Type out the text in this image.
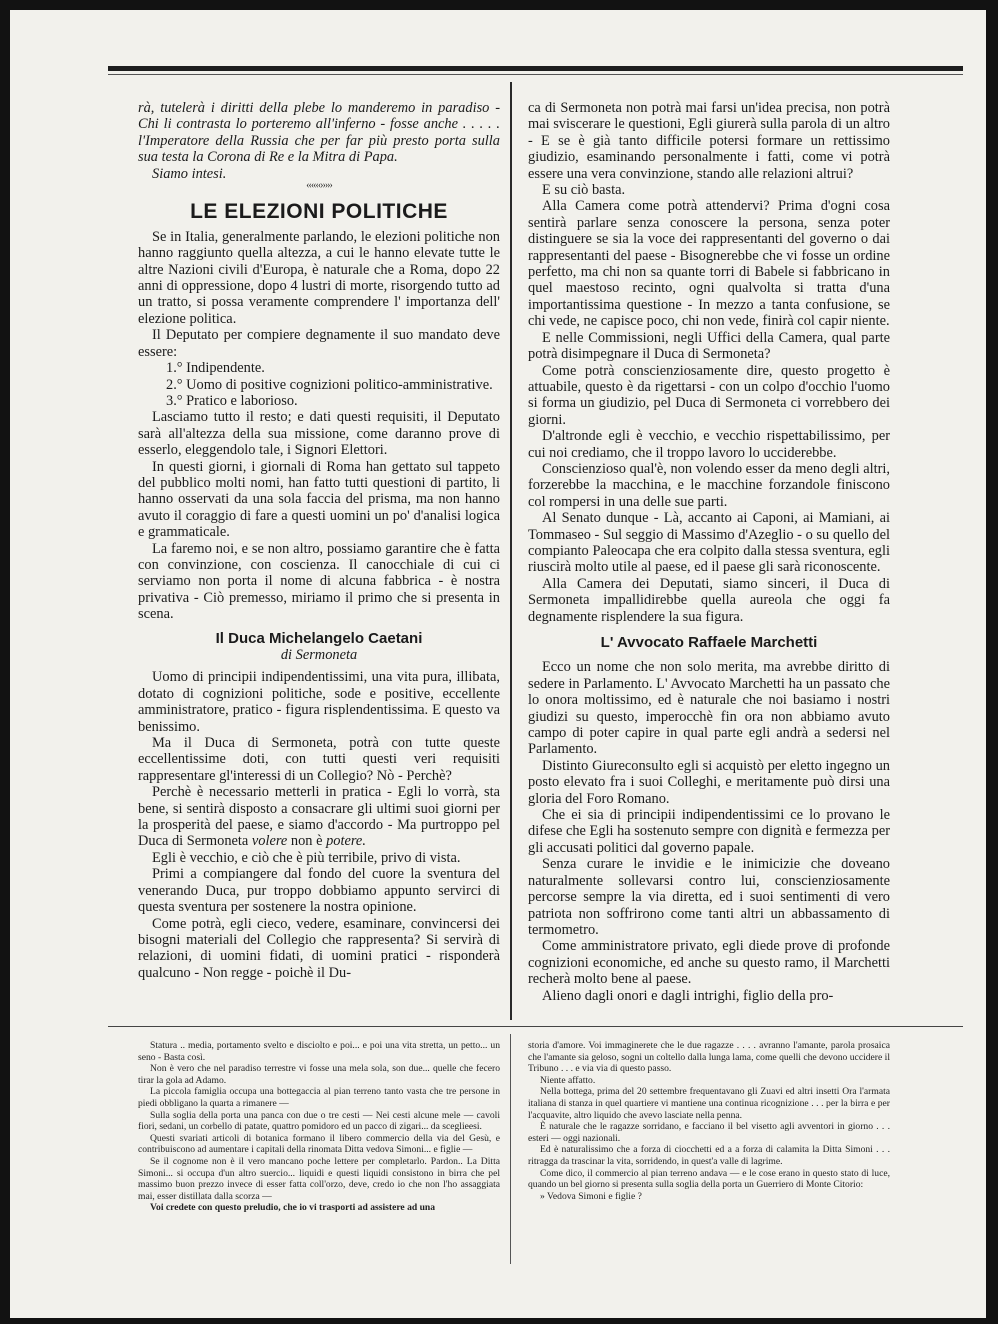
rà, tutelerà i diritti della plebe lo manderemo in paradiso - Chi li contrasta lo porteremo all'inferno - fosse anche . . . . . l'Imperatore della Russia che per far più presto porta sulla sua testa la Corona di Re e la Mitra di Papa.

Siamo intesi.

‹‹‹‹‹‹›››››
LE ELEZIONI POLITICHE

Se in Italia, generalmente parlando, le elezioni politiche non hanno raggiunto quella altezza, a cui le hanno elevate tutte le altre Nazioni civili d'Europa, è naturale che a Roma, dopo 22 anni di oppressione, dopo 4 lustri di morte, risorgendo tutto ad un tratto, si possa veramente comprendere l' importanza dell' elezione politica.

Il Deputato per compiere degnamente il suo mandato deve essere:

1.° Indipendente.

2.° Uomo di positive cognizioni politico-amministrative.

3.° Pratico e laborioso.

Lasciamo tutto il resto; e dati questi requisiti, il Deputato sarà all'altezza della sua missione, come daranno prove di esserlo, eleggendolo tale, i Signori Elettori.

In questi giorni, i giornali di Roma han gettato sul tappeto del pubblico molti nomi, han fatto tutti questioni di partito, li hanno osservati da una sola faccia del prisma, ma non hanno avuto il coraggio di fare a questi uomini un po' d'analisi logica e grammaticale.

La faremo noi, e se non altro, possiamo garantire che è fatta con convinzione, con coscienza. Il canocchiale di cui ci serviamo non porta il nome di alcuna fabbrica - è nostra privativa - Ciò premesso, miriamo il primo che si presenta in scena.

Il Duca Michelangelo Caetani
di Sermoneta

Uomo di principii indipendentissimi, una vita pura, illibata, dotato di cognizioni politiche, sode e positive, eccellente amministratore, pratico - figura risplendentissima. E questo va benissimo.

Ma il Duca di Sermoneta, potrà con tutte queste eccellentissime doti, con tutti questi veri requisiti rappresentare gl'interessi di un Collegio? Nò - Perchè?

Perchè è necessario metterli in pratica - Egli lo vorrà, sta bene, si sentirà disposto a consacrare gli ultimi suoi giorni per la prosperità del paese, e siamo d'accordo - Ma purtroppo pel Duca di Sermoneta volere non è potere.

Egli è vecchio, e ciò che è più terribile, privo di vista.

Primi a compiangere dal fondo del cuore la sventura del venerando Duca, pur troppo dobbiamo appunto servirci di questa sventura per sostenere la nostra opinione.

Come potrà, egli cieco, vedere, esaminare, convincersi dei bisogni materiali del Collegio che rappresenta? Si servirà di relazioni, di uomini fidati, di uomini pratici - risponderà qualcuno - Non regge - poichè il Du-

ca di Sermoneta non potrà mai farsi un'idea precisa, non potrà mai sviscerare le questioni, Egli giurerà sulla parola di un altro - E se è già tanto difficile potersi formare un rettissimo giudizio, esaminando personalmente i fatti, come vi potrà essere una vera convinzione, stando alle relazioni altrui?

E su ciò basta.

Alla Camera come potrà attendervi? Prima d'ogni cosa sentirà parlare senza conoscere la persona, senza poter distinguere se sia la voce dei rappresentanti del governo o dai rappresentanti del paese - Bisognerebbe che vi fosse un ordine perfetto, ma chi non sa quante torri di Babele si fabbricano in quel maestoso recinto, ogni qualvolta si tratta d'una importantissima questione - In mezzo a tanta confusione, se chi vede, ne capisce poco, chi non vede, finirà col capir niente.

E nelle Commissioni, negli Uffici della Camera, qual parte potrà disimpegnare il Duca di Sermoneta?

Come potrà conscienziosamente dire, questo progetto è attuabile, questo è da rigettarsi - con un colpo d'occhio l'uomo si forma un giudizio, pel Duca di Sermoneta ci vorrebbero dei giorni.

D'altronde egli è vecchio, e vecchio rispettabilissimo, per cui noi crediamo, che il troppo lavoro lo ucciderebbe.

Conscienzioso qual'è, non volendo esser da meno degli altri, forzerebbe la macchina, e le macchine forzandole finiscono col rompersi in una delle sue parti.

Al Senato dunque - Là, accanto ai Caponi, ai Mamiani, ai Tommaseo - Sul seggio di Massimo d'Azeglio - o su quello del compianto Paleocapa che era colpito dalla stessa sventura, egli riuscirà molto utile al paese, ed il paese gli sarà riconoscente.

Alla Camera dei Deputati, siamo sinceri, il Duca di Sermoneta impallidirebbe quella aureola che oggi fa degnamente risplendere la sua figura.

L' Avvocato Raffaele Marchetti

Ecco un nome che non solo merita, ma avrebbe diritto di sedere in Parlamento. L' Avvocato Marchetti ha un passato che lo onora moltissimo, ed è naturale che noi basiamo i nostri giudizi su questo, imperocchè fin ora non abbiamo avuto campo di poter capire in qual parte egli andrà a sedersi nel Parlamento.

Distinto Giureconsulto egli si acquistò per eletto ingegno un posto elevato fra i suoi Colleghi, e meritamente può dirsi una gloria del Foro Romano.

Che ei sia di principii indipendentissimi ce lo provano le difese che Egli ha sostenuto sempre con dignità e fermezza per gli accusati politici dal governo papale.

Senza curare le invidie e le inimicizie che doveano naturalmente sollevarsi contro lui, conscienziosamente percorse sempre la via diretta, ed i suoi sentimenti di vero patriota non soffrirono come tanti altri un abbassamento di termometro.

Come amministratore privato, egli diede prove di profonde cognizioni economiche, ed anche su questo ramo, il Marchetti recherà molto bene al paese.

Alieno dagli onori e dagli intrighi, figlio della pro-

Statura .. media, portamento svelto e disciolto e poi... e poi una vita stretta, un petto... un seno - Basta così.

Non è vero che nel paradiso terrestre vi fosse una mela sola, son due... quelle che fecero tirar la gola ad Adamo.

La piccola famiglia occupa una bottegaccia al pian terreno tanto vasta che tre persone in piedi obbligano la quarta a rimanere —

Sulla soglia della porta una panca con due o tre cesti — Nei cesti alcune mele — cavoli fiori, sedani, un corbello di patate, quattro pomidoro ed un pacco di zigari... da sceglieesi.

Questi svariati articoli di botanica formano il libero commercio della via del Gesù, e contribuiscono ad aumentare i capitali della rinomata Ditta vedova Simoni... e figlie —

Se il cognome non è il vero mancano poche lettere per completarlo. Pardon.. La Ditta Simoni... si occupa d'un altro suercio... liquidi e questi liquidi consistono in birra che pel massimo buon prezzo invece di esser fatta coll'orzo, deve, credo io che non l'ho assaggiata mai, esser distillata dalla scorza —

Voi credete con questo preludio, che io vi trasporti ad assistere ad una

storia d'amore. Voi immaginerete che le due ragazze . . . . avranno l'amante, parola prosaica che l'amante sia geloso, sogni un coltello dalla lunga lama, come quelli che devono uccidere il Tribuno . . . e via via di questo passo.

Niente affatto.

Nella bottega, prima del 20 settembre frequentavano gli Zuavi ed altri insetti Ora l'armata italiana di stanza in quel quartiere vi mantiene una continua ricognizione . . . per la birra e per l'acquavite, altro liquido che avevo lasciate nella penna.

È naturale che le ragazze sorridano, e facciano il bel visetto agli avventori in giorno . . . esteri — oggi nazionali.

Ed è naturalissimo che a forza di ciocchetti ed a a forza di calamita la Ditta Simoni . . . ritragga da trascinar la vita, sorridendo, in quest'a valle di lagrime.

Come dico, il commercio al pian terreno andava — e le cose erano in questo stato di luce, quando un bel giorno si presenta sulla soglia della porta un Guerriero di Monte Citorio:

» Vedova Simoni e figlie ?
